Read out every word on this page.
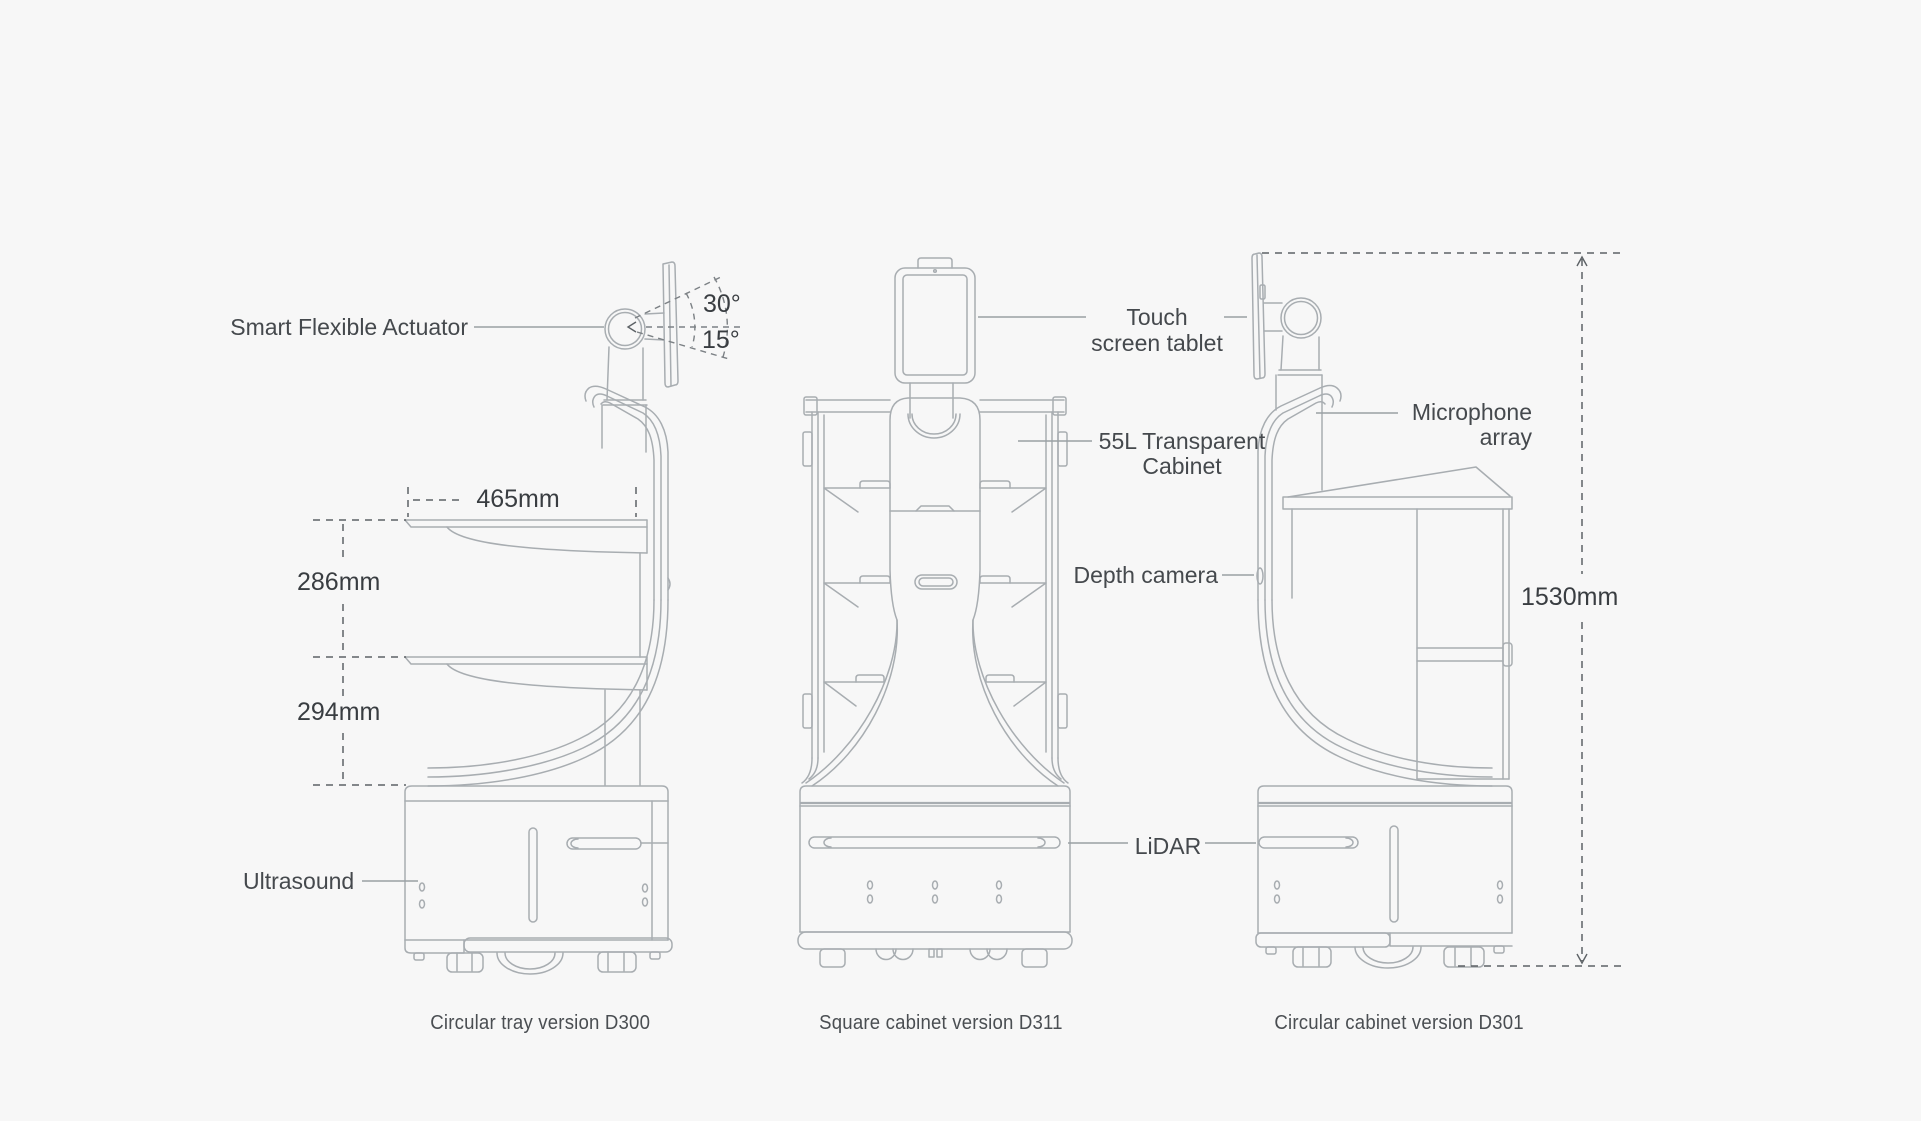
Smart Flexible Actuator
30°
15°
465mm
286mm
294mm
Ultrasound
Touch
screen tablet
55L Transparent
Cabinet
Depth camera
Microphone
array
1530mm
LiDAR
Circular tray version D300	Square cabinet version D311	Circular cabinet version D301
